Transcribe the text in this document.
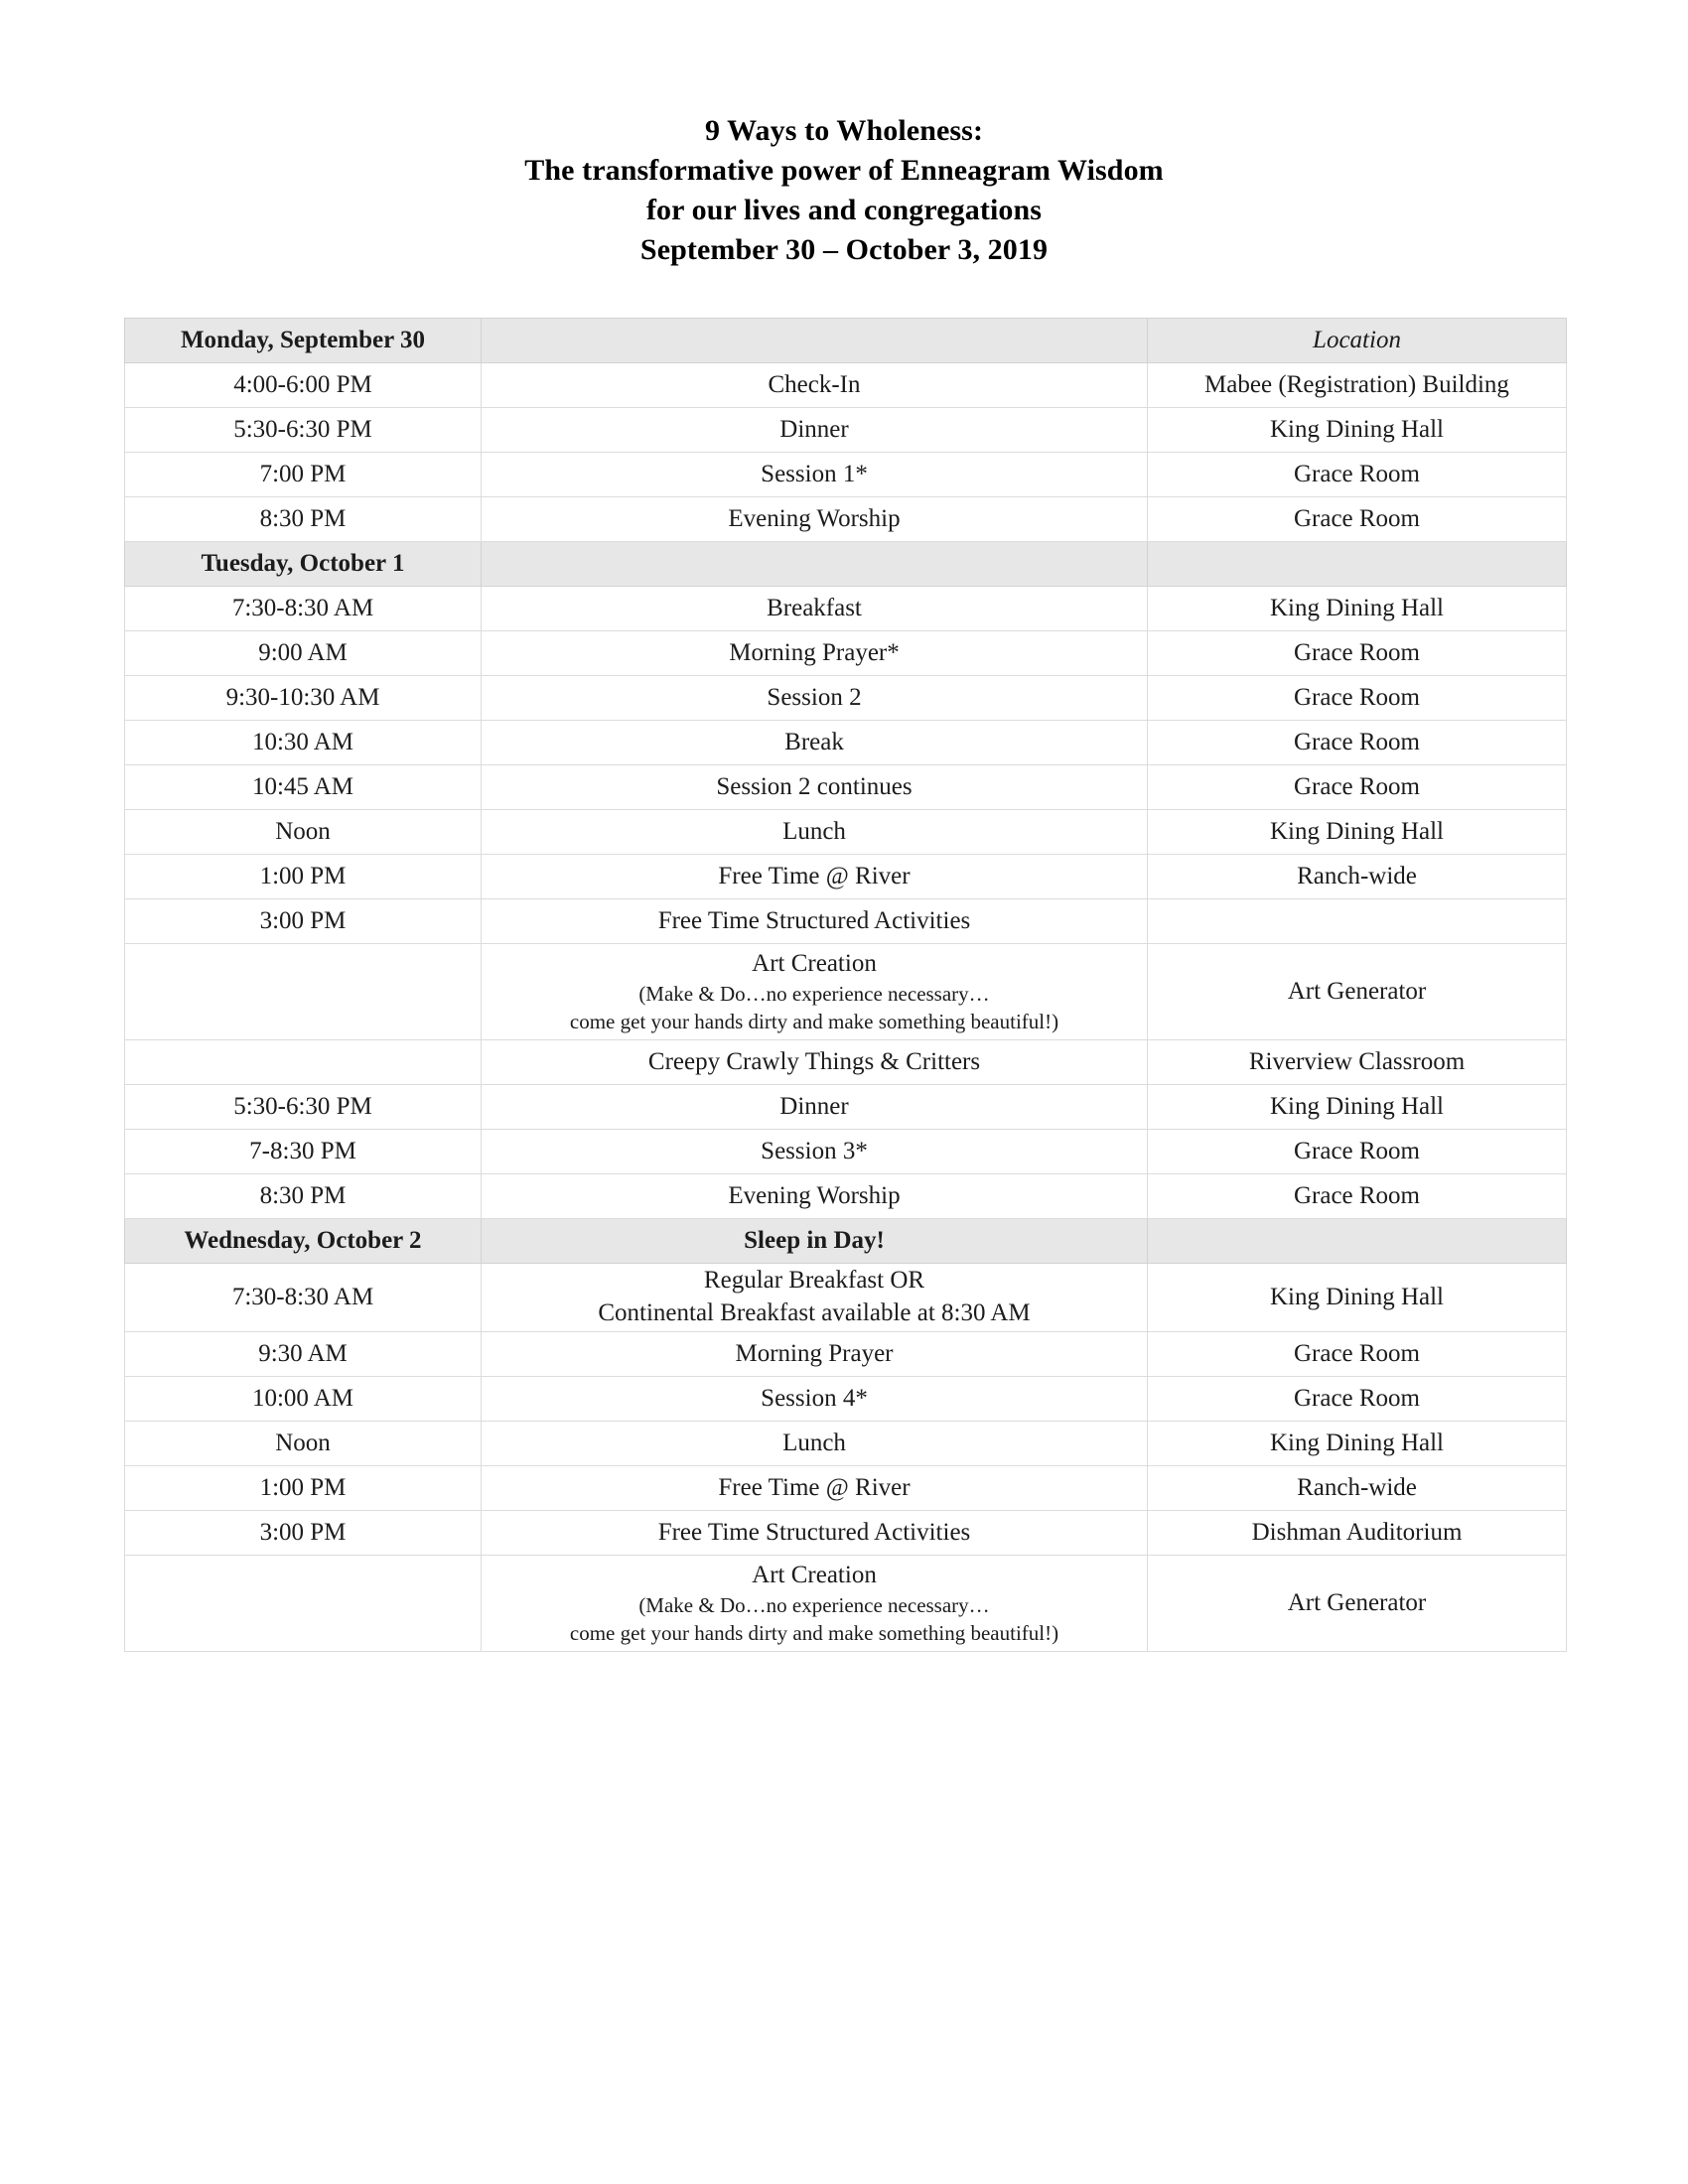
9 Ways to Wholeness:
The transformative power of Enneagram Wisdom
for our lives and congregations
September 30 – October 3, 2019
Monday, September 30		Location
4:00-6:00 PM	Check-In	Mabee (Registration) Building
5:30-6:30 PM	Dinner	King Dining Hall
7:00 PM	Session 1*	Grace Room
8:30 PM	Evening Worship	Grace Room
Tuesday, October 1		
7:30-8:30 AM	Breakfast	King Dining Hall
9:00 AM	Morning Prayer*	Grace Room
9:30-10:30 AM	Session 2	Grace Room
10:30 AM	Break	Grace Room
10:45 AM	Session 2 continues	Grace Room
Noon	Lunch	King Dining Hall
1:00 PM	Free Time @ River	Ranch-wide
3:00 PM	Free Time Structured Activities	

	Art Creation
(Make & Do…no experience necessary…
come get your hands dirty and make something beautiful!)	Art Generator

	Creepy Crawly Things & Critters	Riverview Classroom
5:30-6:30 PM	Dinner	King Dining Hall
7-8:30 PM	Session 3*	Grace Room
8:30 PM	Evening Worship	Grace Room
Wednesday, October 2	Sleep in Day!	
7:30-8:30 AM	Regular Breakfast OR
Continental Breakfast available at 8:30 AM	King Dining Hall
9:30 AM	Morning Prayer	Grace Room
10:00 AM	Session 4*	Grace Room
Noon	Lunch	King Dining Hall
1:00 PM	Free Time @ River	Ranch-wide
3:00 PM	Free Time Structured Activities	Dishman Auditorium

	Art Creation
(Make & Do…no experience necessary…
come get your hands dirty and make something beautiful!)	Art Generator
